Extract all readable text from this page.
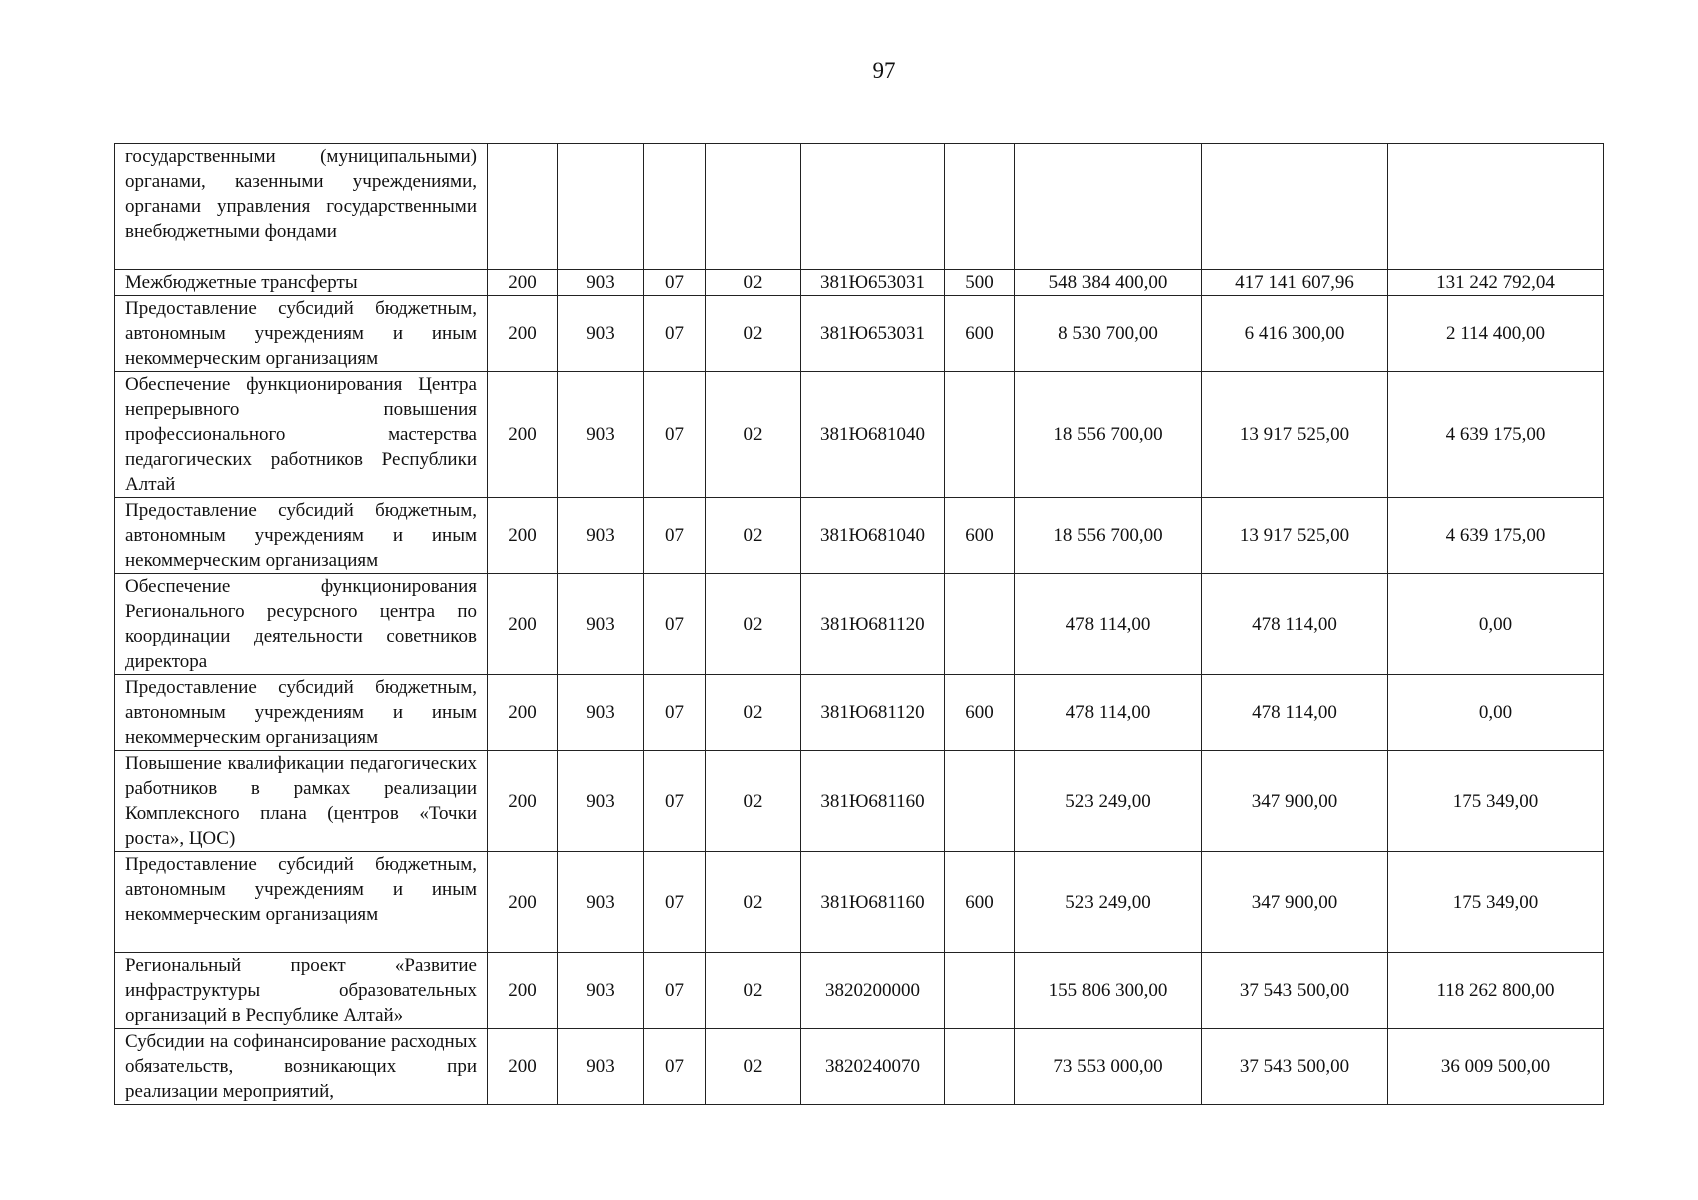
97
государственными (муниципальными) органами, казенными учреждениями, органами управления государственными внебюджетными фондами									
Межбюджетные трансферты	200	903	07	02	381Ю653031	500	548 384 400,00	417 141 607,96	131 242 792,04
Предоставление субсидий бюджетным, автономным учреждениям и иным некоммерческим организациям	200	903	07	02	381Ю653031	600	8 530 700,00	6 416 300,00	2 114 400,00
Обеспечение функционирования Центра непрерывного повышения профессионального мастерства педагогических работников Республики Алтай	200	903	07	02	381Ю681040		18 556 700,00	13 917 525,00	4 639 175,00
Предоставление субсидий бюджетным, автономным учреждениям и иным некоммерческим организациям	200	903	07	02	381Ю681040	600	18 556 700,00	13 917 525,00	4 639 175,00
Обеспечение функционирования Регионального ресурсного центра по координации деятельности советников директора	200	903	07	02	381Ю681120		478 114,00	478 114,00	0,00
Предоставление субсидий бюджетным, автономным учреждениям и иным некоммерческим организациям	200	903	07	02	381Ю681120	600	478 114,00	478 114,00	0,00
Повышение квалификации педагогических работников в рамках реализации Комплексного плана (центров «Точки роста», ЦОС)	200	903	07	02	381Ю681160		523 249,00	347 900,00	175 349,00
Предоставление субсидий бюджетным, автономным учреждениям и иным некоммерческим организациям	200	903	07	02	381Ю681160	600	523 249,00	347 900,00	175 349,00
Региональный проект «Развитие инфраструктуры образовательных организаций в Республике Алтай»	200	903	07	02	3820200000		155 806 300,00	37 543 500,00	118 262 800,00
Субсидии на софинансирование расходных обязательств, возникающих при реализации мероприятий,	200	903	07	02	3820240070		73 553 000,00	37 543 500,00	36 009 500,00
